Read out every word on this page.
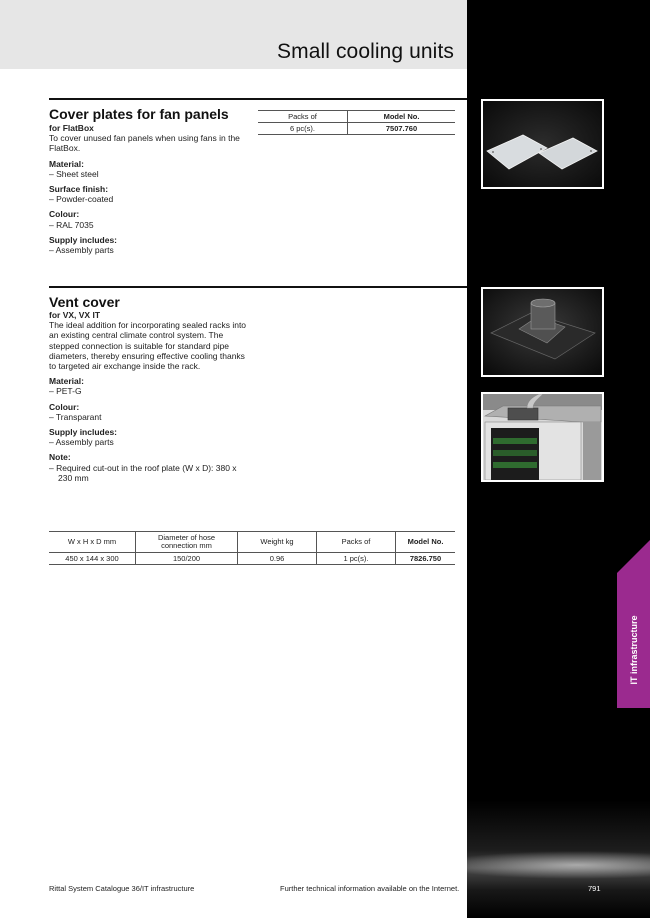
Small cooling units
IT infrastructure
Cover plates for fan panels

for FlatBox

To cover unused fan panels when using fans in the FlatBox.

Material:

– Sheet steel

Surface finish:

– Powder-coated

Colour:

– RAL 7035

Supply includes:

– Assembly parts

Packs of	Model No.
6 pc(s).	7507.760
Vent cover

for VX, VX IT

The ideal addition for incorporating sealed racks into an existing central climate control system. The stepped connection is suitable for standard pipe diameters, thereby ensuring effective cooling thanks to targeted air exchange inside the rack.

Material:

– PET-G

Colour:

– Transparant

Supply includes:

– Assembly parts

Note:

– Required cut-out in the roof plate (W x D): 380 x 230 mm

W x H x D mm	Diameter of hose connection mm	Weight kg	Packs of	Model No.
450 x 144 x 300	150/200	0.96	1 pc(s).	7826.750
Rittal System Catalogue 36/IT infrastructure	Further technical information available on the Internet.	791
